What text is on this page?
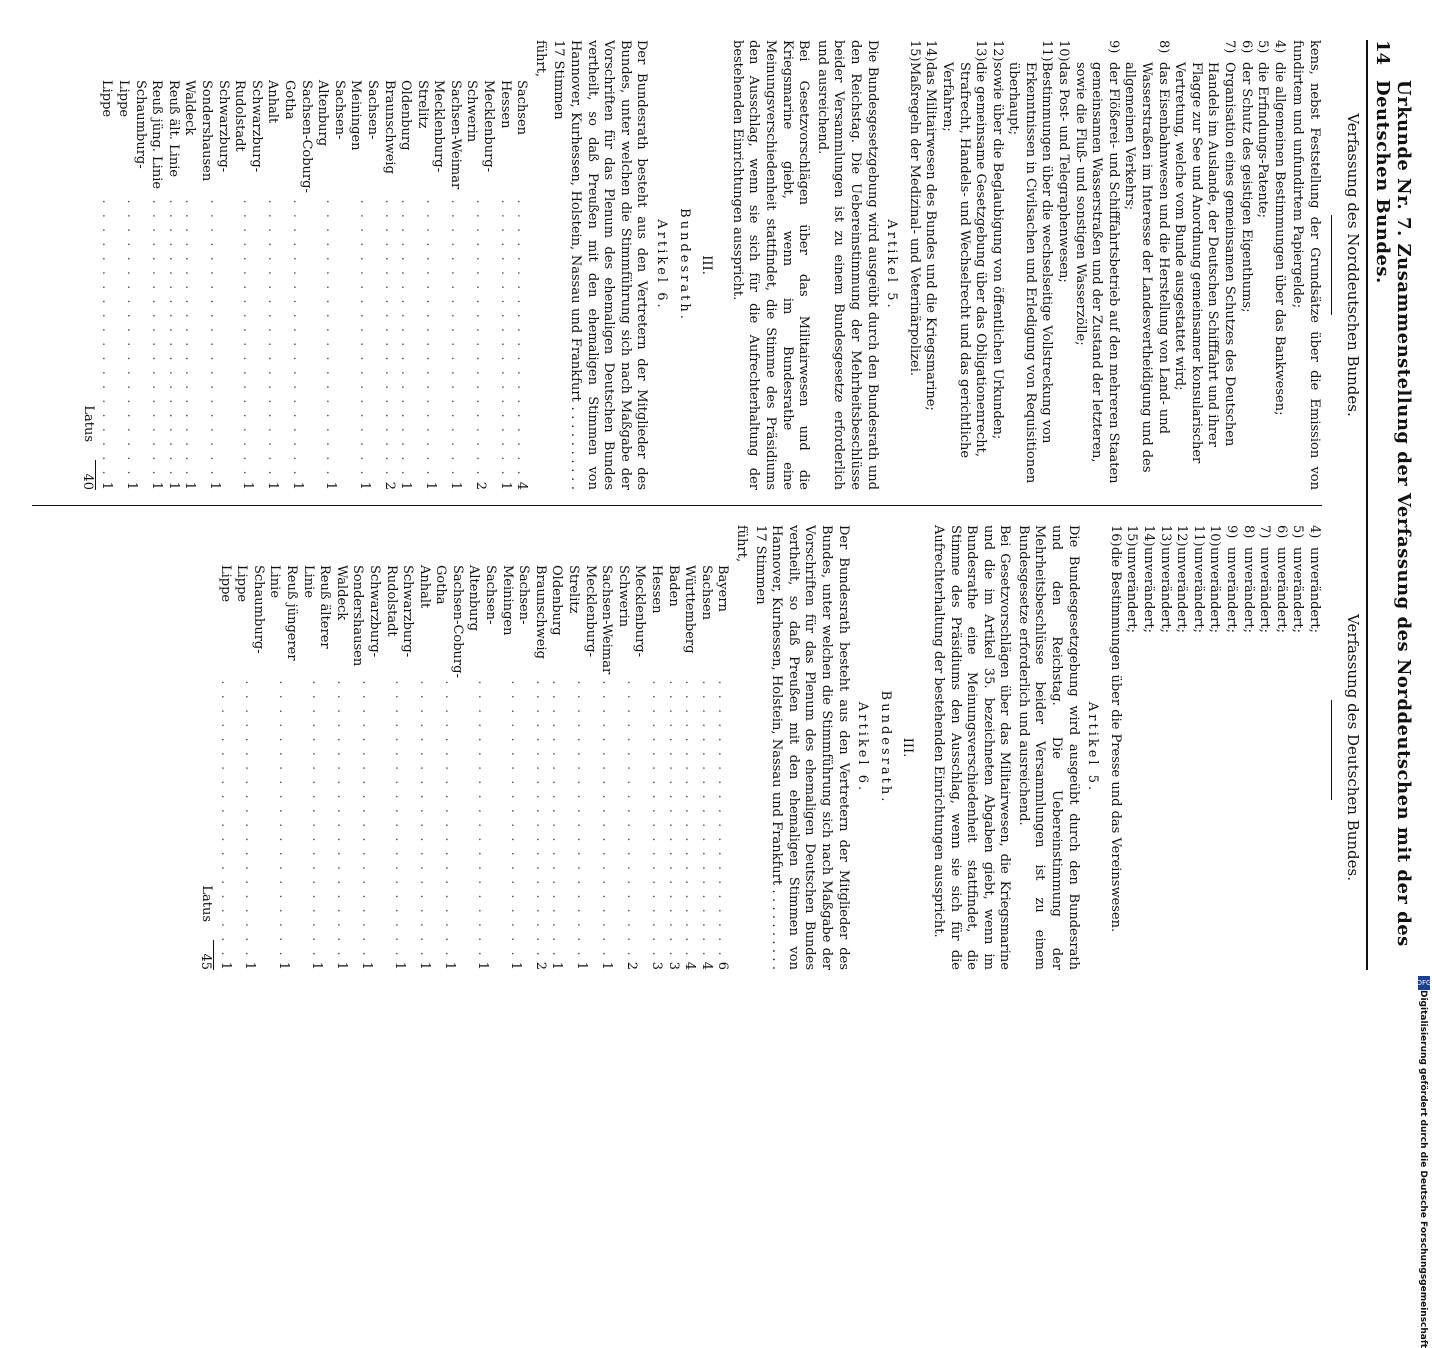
14
Urkunde Nr. 7. Zusammenstellung der Verfassung des Norddeutschen mit der des Deutschen Bundes.
Verfassung des Norddeutschen Bundes.

kens, nebst Feststellung der Grundsätze über die Emission von fundirtem und unfundirtem Papiergelde;

4)
die allgemeinen Bestimmungen über das Bankwesen;
5)
die Erfindungs-Patente;
6)
der Schutz des geistigen Eigenthums;
7)
Organisation eines gemeinsamen Schutzes des Deutschen Handels im Auslande, der Deutschen Schifffahrt und ihrer Flagge zur See und Anordnung gemeinsamer konsularischer Vertretung, welche vom Bunde ausgestattet wird;
8)
das Eisenbahnwesen und die Herstellung von Land- und Wasserstraßen im Interesse der Landesvertheidigung und des allgemeinen Verkehrs;
9)
der Flößerei- und Schifffahrtsbetrieb auf den mehreren Staaten gemeinsamen Wasserstraßen und der Zustand der letzteren, sowie die Fluß- und sonstigen Wasserzölle;
10)
das Post- und Telegraphenwesen;
11)
Bestimmungen über die wechselseitige Vollstreckung von Erkenntnissen in Civilsachen und Erledigung von Requisitionen überhaupt;
12)
sowie über die Beglaubigung von öffentlichen Urkunden;
13)
die gemeinsame Gesetzgebung über das Obligationenrecht, Strafrecht, Handels- und Wechselrecht und das gerichtliche Verfahren;
14)
das Militairwesen des Bundes und die Kriegsmarine;
15)
Maßregeln der Medizinal- und Veterinärpolizei.
Artikel 5.

Die Bundesgesetzgebung wird ausgeübt durch den Bundesrath und den Reichstag. Die Uebereinstimmung der Mehrheitsbeschlüsse beider Versammlungen ist zu einem Bundesgesetze erforderlich und ausreichend.

Bei Gesetzvorschlägen über das Militairwesen und die Kriegsmarine giebt, wenn im Bundesrathe eine Meinungsverschiedenheit stattfindet, die Stimme des Präsidiums den Ausschlag, wenn sie sich für die Aufrechterhaltung der bestehenden Einrichtungen ausspricht.

III.
Bundesrath.
Artikel 6.

Der Bundesrath besteht aus den Vertretern der Mitglieder des Bundes, unter welchen die Stimmführung sich nach Maßgabe der Vorschriften für das Plenum des ehemaligen Deutschen Bundes vertheilt, so daß Preußen mit den ehemaligen Stimmen von Hannover, Kurhessen, Holstein, Nassau und Frankfurt . . . . . . . . . . 17 Stimmen

führt,

Sachsen	. . . . . . . . . . . . . . . . . . . .	4
Hessen	. . . . . . . . . . . . . . . . . . . .	1
Mecklenburg-Schwerin	. . . . . . . . . . . . . . . . . . . .	2
Sachsen-Weimar	. . . . . . . . . . . . . . . . . . . .	1
Mecklenburg-Strelitz	. . . . . . . . . . . . . . . . . . . .	1
Oldenburg	. . . . . . . . . . . . . . . . . . . .	1
Braunschweig	. . . . . . . . . . . . . . . . . . . .	2
Sachsen-Meiningen	. . . . . . . . . . . . . . . . . . . .	1
Sachsen-Altenburg	. . . . . . . . . . . . . . . . . . . .	1
Sachsen-Coburg-Gotha	. . . . . . . . . . . . . . . . . . . .	1
Anhalt	. . . . . . . . . . . . . . . . . . . .	1
Schwarzburg-Rudolstadt	. . . . . . . . . . . . . . . . . . . .	1
Schwarzburg-Sondershausen	. . . . . . . . . . . . . . . . . . . .	1
Waldeck	. . . . . . . . . . . . . . . . . . . .	1
Reuß ält. Linie	. . . . . . . . . . . . . . . . . . . .	1
Reuß jüng. Linie	. . . . . . . . . . . . . . . . . . . .	1
Schaumburg-Lippe	. . . . . . . . . . . . . . . . . . . .	1
Lippe	. . . . . . . . . . . . . . . . . . . .	1
Latus
40
Verfassung des Deutschen Bundes.
4)
unverändert;
5)
unverändert;
6)
unverändert;
7)
unverändert;
8)
unverändert;
9)
unverändert;
10)
unverändert;
11)
unverändert;
12)
unverändert;
13)
unverändert;
14)
unverändert;
15)
unverändert;
16)
die Bestimmungen über die Presse und das Vereinswesen.
Artikel 5.

Die Bundesgesetzgebung wird ausgeübt durch den Bundesrath und den Reichstag. Die Uebereinstimmung der Mehrheitsbeschlüsse beider Versammlungen ist zu einem Bundesgesetze erforderlich und ausreichend.

Bei Gesetzvorschlägen über das Militairwesen, die Kriegsmarine und die im Artikel 35. bezeichneten Abgaben giebt, wenn im Bundesrathe eine Meinungsverschiedenheit stattfindet, die Stimme des Präsidiums den Ausschlag, wenn sie sich für die Aufrechterhaltung der bestehenden Einrichtungen ausspricht.

III.
Bundesrath.
Artikel 6.

Der Bundesrath besteht aus den Vertretern der Mitglieder des Bundes, unter welchen die Stimmführung sich nach Maßgabe der Vorschriften für das Plenum des ehemaligen Deutschen Bundes vertheilt, so daß Preußen mit den ehemaligen Stimmen von Hannover, Kurhessen, Holstein, Nassau und Frankfurt . . . . . . . . . . 17 Stimmen

führt,

Bayern	. . . . . . . . . . . . . . . . . . . .	6
Sachsen	. . . . . . . . . . . . . . . . . . . .	4
Württemberg	. . . . . . . . . . . . . . . . . . . .	4
Baden	. . . . . . . . . . . . . . . . . . . .	3
Hessen	. . . . . . . . . . . . . . . . . . . .	3
Mecklenburg-Schwerin	. . . . . . . . . . . . . . . . . . . .	2
Sachsen-Weimar	. . . . . . . . . . . . . . . . . . . .	1
Mecklenburg-Strelitz	. . . . . . . . . . . . . . . . . . . .	1
Oldenburg	. . . . . . . . . . . . . . . . . . . .	1
Braunschweig	. . . . . . . . . . . . . . . . . . . .	2
Sachsen-Meiningen	. . . . . . . . . . . . . . . . . . . .	1
Sachsen-Altenburg	. . . . . . . . . . . . . . . . . . . .	1
Sachsen-Coburg-Gotha	. . . . . . . . . . . . . . . . . . . .	1
Anhalt	. . . . . . . . . . . . . . . . . . . .	1
Schwarzburg-Rudolstadt	. . . . . . . . . . . . . . . . . . . .	1
Schwarzburg-Sondershausen	. . . . . . . . . . . . . . . . . . . .	1
Waldeck	. . . . . . . . . . . . . . . . . . . .	1
Reuß älterer Linie	. . . . . . . . . . . . . . . . . . . .	1
Reuß jüngerer Linie	. . . . . . . . . . . . . . . . . . . .	1
Schaumburg-Lippe	. . . . . . . . . . . . . . . . . . . .	1
Lippe	. . . . . . . . . . . . . . . . . . . .	1
Latus
45
Digitalisierung gefördert durch die Deutsche Forschungsgemeinschaft
DFG
